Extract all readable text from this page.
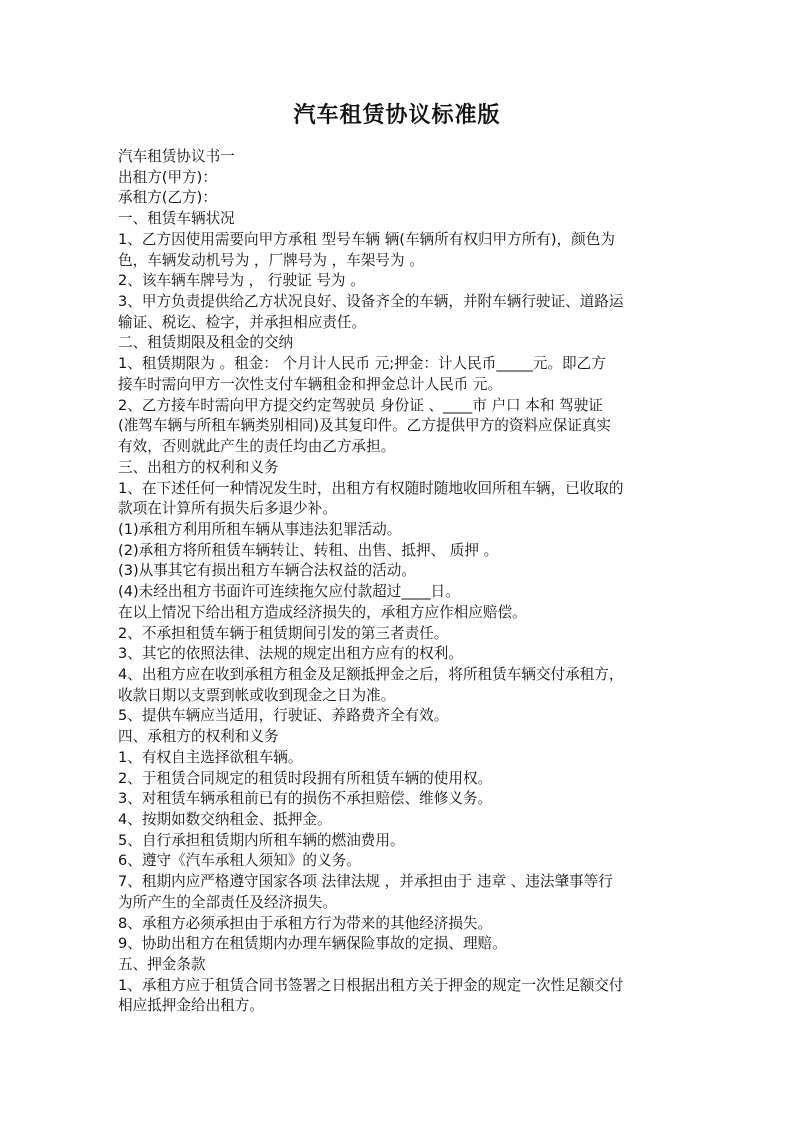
汽车租赁协议标准版
汽车租赁协议书一
出租方(甲方)：
承租方(乙方)：
一、租赁车辆状况
1、乙方因使用需要向甲方承租 型号车辆 辆(车辆所有权归甲方所有)，颜色为
色，车辆发动机号为 ，厂牌号为 ，车架号为 。
2、该车辆车牌号为 ， 行驶证 号为 。
3、甲方负责提供给乙方状况良好、设备齐全的车辆，并附车辆行驶证、道路运
输证、税讫、检字，并承担相应责任。
二、租赁期限及租金的交纳
1、租赁期限为 。租金： 个月计人民币 元;押金：计人民币_____元。即乙方
接车时需向甲方一次性支付车辆租金和押金总计人民币 元。
2、乙方接车时需向甲方提交约定驾驶员 身份证 、____市 户口 本和 驾驶证
(准驾车辆与所租车辆类别相同)及其复印件。乙方提供甲方的资料应保证真实
有效，否则就此产生的责任均由乙方承担。
三、出租方的权利和义务
1、在下述任何一种情况发生时，出租方有权随时随地收回所租车辆，已收取的
款项在计算所有损失后多退少补。
(1)承租方利用所租车辆从事违法犯罪活动。
(2)承租方将所租赁车辆转让、转租、出售、抵押、 质押 。
(3)从事其它有损出租方车辆合法权益的活动。
(4)未经出租方书面许可连续拖欠应付款超过____日。
在以上情况下给出租方造成经济损失的，承租方应作相应赔偿。
2、不承担租赁车辆于租赁期间引发的第三者责任。
3、其它的依照法律、法规的规定出租方应有的权利。
4、出租方应在收到承租方租金及足额抵押金之后，将所租赁车辆交付承租方，
收款日期以支票到帐或收到现金之日为准。
5、提供车辆应当适用，行驶证、养路费齐全有效。
四、承租方的权利和义务
1、有权自主选择欲租车辆。
2、于租赁合同规定的租赁时段拥有所租赁车辆的使用权。
3、对租赁车辆承租前已有的损伤不承担赔偿、维修义务。
4、按期如数交纳租金、抵押金。
5、自行承担租赁期内所租车辆的燃油费用。
6、遵守《汽车承租人须知》的义务。
7、租期内应严格遵守国家各项 法律法规 ，并承担由于 违章 、违法肇事等行
为所产生的全部责任及经济损失。
8、承租方必须承担由于承租方行为带来的其他经济损失。
9、协助出租方在租赁期内办理车辆保险事故的定损、理赔。
五、押金条款
1、承租方应于租赁合同书签署之日根据出租方关于押金的规定一次性足额交付
相应抵押金给出租方。
